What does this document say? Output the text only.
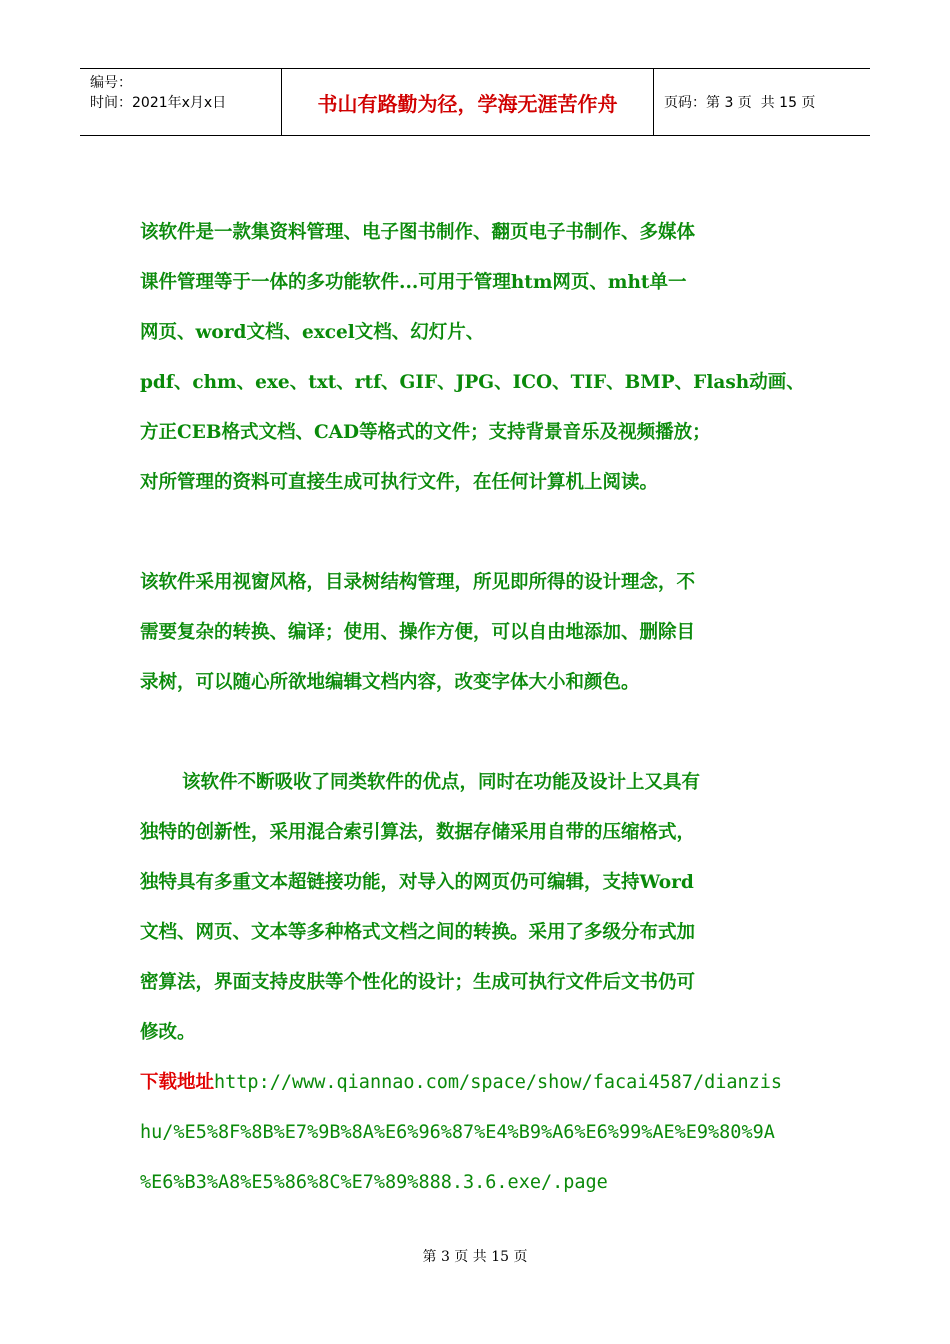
编号：
时间：2021年x月x日	书山有路勤为径，学海无涯苦作舟	页码：第 3 页  共 15 页
该软件是一款集资料管理、电子图书制作、翻页电子书制作、多媒体
课件管理等于一体的多功能软件...可用于管理htm网页、mht单一
网页、word文档、excel文档、幻灯片、
pdf、chm、exe、txt、rtf、GIF、JPG、ICO、TIF、BMP、Flash动画、
方正CEB格式文档、CAD等格式的文件；支持背景音乐及视频播放；
对所管理的资料可直接生成可执行文件，在任何计算机上阅读。
该软件采用视窗风格，目录树结构管理，所见即所得的设计理念，不
需要复杂的转换、编译；使用、操作方便，可以自由地添加、删除目
录树，可以随心所欲地编辑文档内容，改变字体大小和颜色。
该软件不断吸收了同类软件的优点，同时在功能及设计上又具有
独特的创新性，采用混合索引算法，数据存储采用自带的压缩格式，
独特具有多重文本超链接功能，对导入的网页仍可编辑，支持Word
文档、网页、文本等多种格式文档之间的转换。采用了多级分布式加
密算法，界面支持皮肤等个性化的设计；生成可执行文件后文书仍可
修改。
下载地址http://www.qiannao.com/space/show/facai4587/dianzis
hu/%E5%8F%8B%E7%9B%8A%E6%96%87%E4%B9%A6%E6%99%AE%E9%80%9A
%E6%B3%A8%E5%86%8C%E7%89%888.3.6.exe/.page
第 3 页 共 15 页
